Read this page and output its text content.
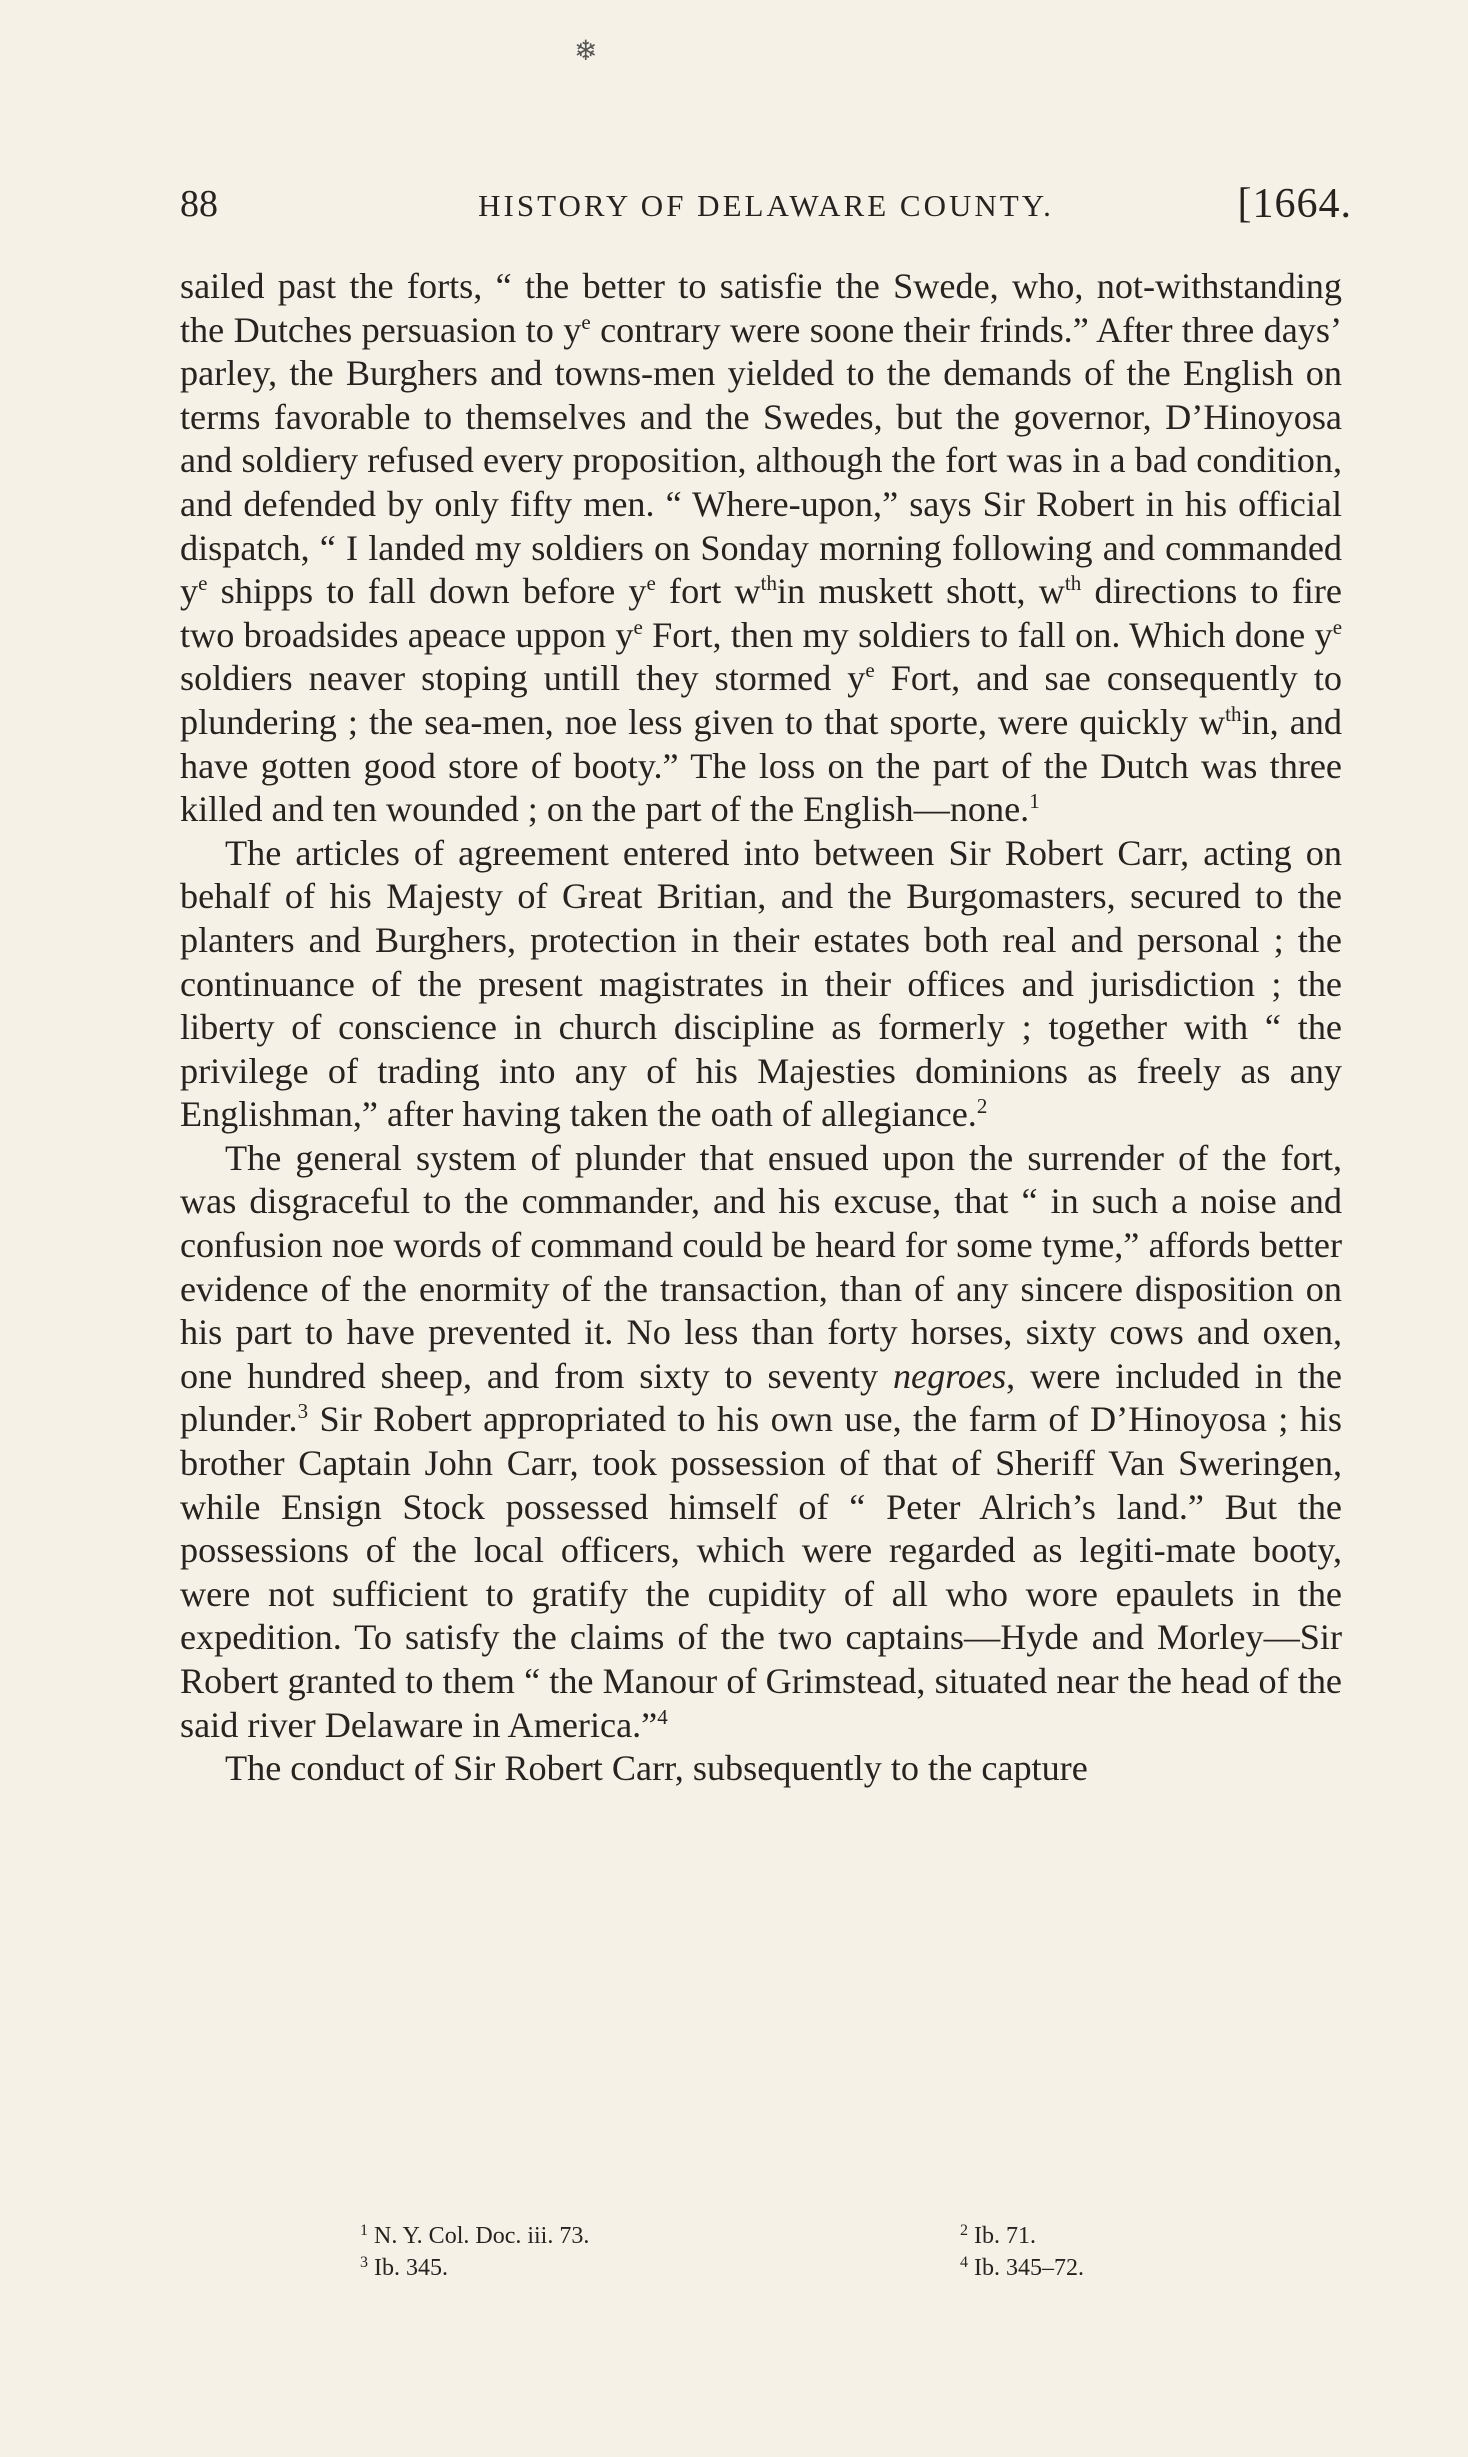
❄
88	HISTORY OF DELAWARE COUNTY.	[1664.

sailed past the forts, “ the better to satisfie the Swede, who, not-withstanding the Dutches persuasion to $y^e$ contrary were soone their frinds.” After three days’ parley, the Burghers and towns-men yielded to the demands of the English on terms favorable to themselves and the Swedes, but the governor, D’Hinoyosa and soldiery refused every proposition, although the fort was in a bad condition, and defended by only fifty men. “ Where-upon,” says Sir Robert in his official dispatch, “ I landed my soldiers on Sonday morning following and commanded $y^e$ shipps to fall down before $y^e$ fort $w^{th}in$ muskett shott, $w^{th}$ directions to fire two broadsides apeace uppon $y^e$ Fort, then my soldiers to fall on. Which done $y^e$ soldiers neaver stoping untill they stormed $y^e$ Fort, and sae consequently to plundering ; the sea-men, noe less given to that sporte, were quickly $w^{th}in$, and have gotten good store of booty.” The loss on the part of the Dutch was three killed and ten wounded ; on the part of the English—none.$^1$

The articles of agreement entered into between Sir Robert Carr, acting on behalf of his Majesty of Great Britian, and the Burgomasters, secured to the planters and Burghers, protection in their estates both real and personal ; the continuance of the present magistrates in their offices and jurisdiction ; the liberty of conscience in church discipline as formerly ; together with “ the privilege of trading into any of his Majesties dominions as freely as any Englishman,” after having taken the oath of allegiance.$^2$

The general system of plunder that ensued upon the surrender of the fort, was disgraceful to the commander, and his excuse, that “ in such a noise and confusion noe words of command could be heard for some tyme,” affords better evidence of the enormity of the transaction, than of any sincere disposition on his part to have prevented it. No less than forty horses, sixty cows and oxen, one hundred sheep, and from sixty to seventy negroes, were included in the plunder.$^3$ Sir Robert appropriated to his own use, the farm of D’Hinoyosa ; his brother Captain John Carr, took possession of that of Sheriff Van Sweringen, while Ensign Stock possessed himself of “ Peter Alrich’s land.” But the possessions of the local officers, which were regarded as legiti-mate booty, were not sufficient to gratify the cupidity of all who wore epaulets in the expedition. To satisfy the claims of the two captains—Hyde and Morley—Sir Robert granted to them “ the Manour of Grimstead, situated near the head of the said river Delaware in America.”$^4$

The conduct of Sir Robert Carr, subsequently to the capture

$^1$ N. Y. Col. Doc. iii. 73.	$^2$ Ib. 71.
$^3$ Ib. 345.	$^4$ Ib. 345–72.
